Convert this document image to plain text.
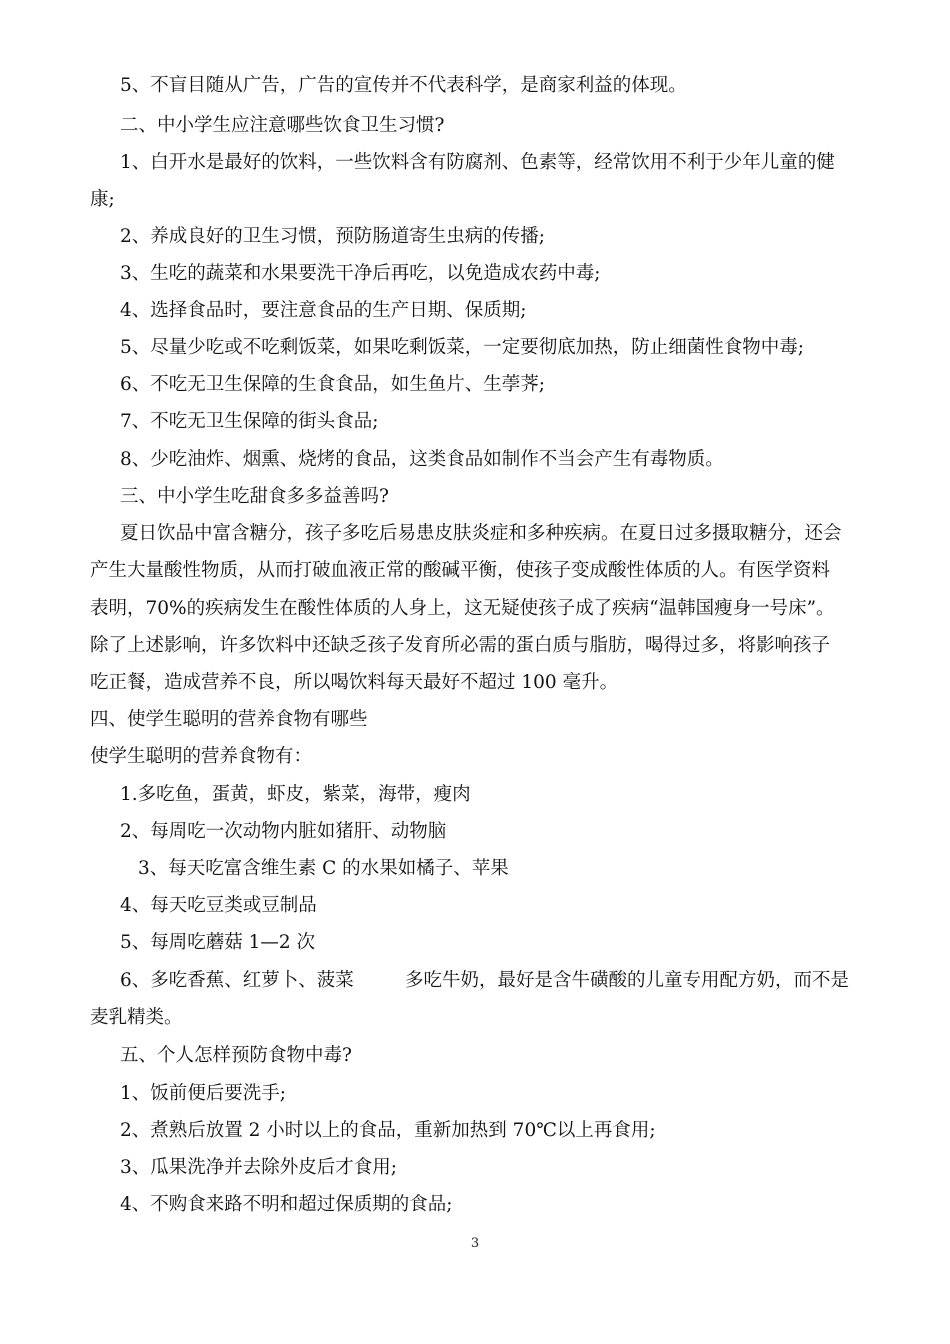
5、不盲目随从广告，广告的宣传并不代表科学，是商家利益的体现。
二、中小学生应注意哪些饮食卫生习惯?
1、白开水是最好的饮料，一些饮料含有防腐剂、色素等，经常饮用不利于少年儿童的健
康;
2、养成良好的卫生习惯，预防肠道寄生虫病的传播;
3、生吃的蔬菜和水果要洗干净后再吃，以免造成农药中毒;
4、选择食品时，要注意食品的生产日期、保质期;
5、尽量少吃或不吃剩饭菜，如果吃剩饭菜，一定要彻底加热，防止细菌性食物中毒;
6、不吃无卫生保障的生食食品，如生鱼片、生荸荠;
7、不吃无卫生保障的街头食品;
8、少吃油炸、烟熏、烧烤的食品，这类食品如制作不当会产生有毒物质。
三、中小学生吃甜食多多益善吗?
夏日饮品中富含糖分，孩子多吃后易患皮肤炎症和多种疾病。在夏日过多摄取糖分，还会
产生大量酸性物质，从而打破血液正常的酸碱平衡，使孩子变成酸性体质的人。有医学资料
表明，70%的疾病发生在酸性体质的人身上，这无疑使孩子成了疾病“温韩国瘦身一号床”。
除了上述影响，许多饮料中还缺乏孩子发育所必需的蛋白质与脂肪，喝得过多，将影响孩子
吃正餐，造成营养不良，所以喝饮料每天最好不超过 100 毫升。
四、使学生聪明的营养食物有哪些
使学生聪明的营养食物有：
1.多吃鱼，蛋黄，虾皮，紫菜，海带，瘦肉
2、每周吃一次动物内脏如猪肝、动物脑
3、每天吃富含维生素 C 的水果如橘子、苹果
4、每天吃豆类或豆制品
5、每周吃蘑菇 1—2 次
6、多吃香蕉、红萝卜、菠菜	多吃牛奶，最好是含牛磺酸的儿童专用配方奶，而不是
麦乳精类。
五、个人怎样预防食物中毒?
1、饭前便后要洗手;
2、煮熟后放置 2 小时以上的食品，重新加热到 70℃以上再食用;
3、瓜果洗净并去除外皮后才食用;
4、不购食来路不明和超过保质期的食品;
3
